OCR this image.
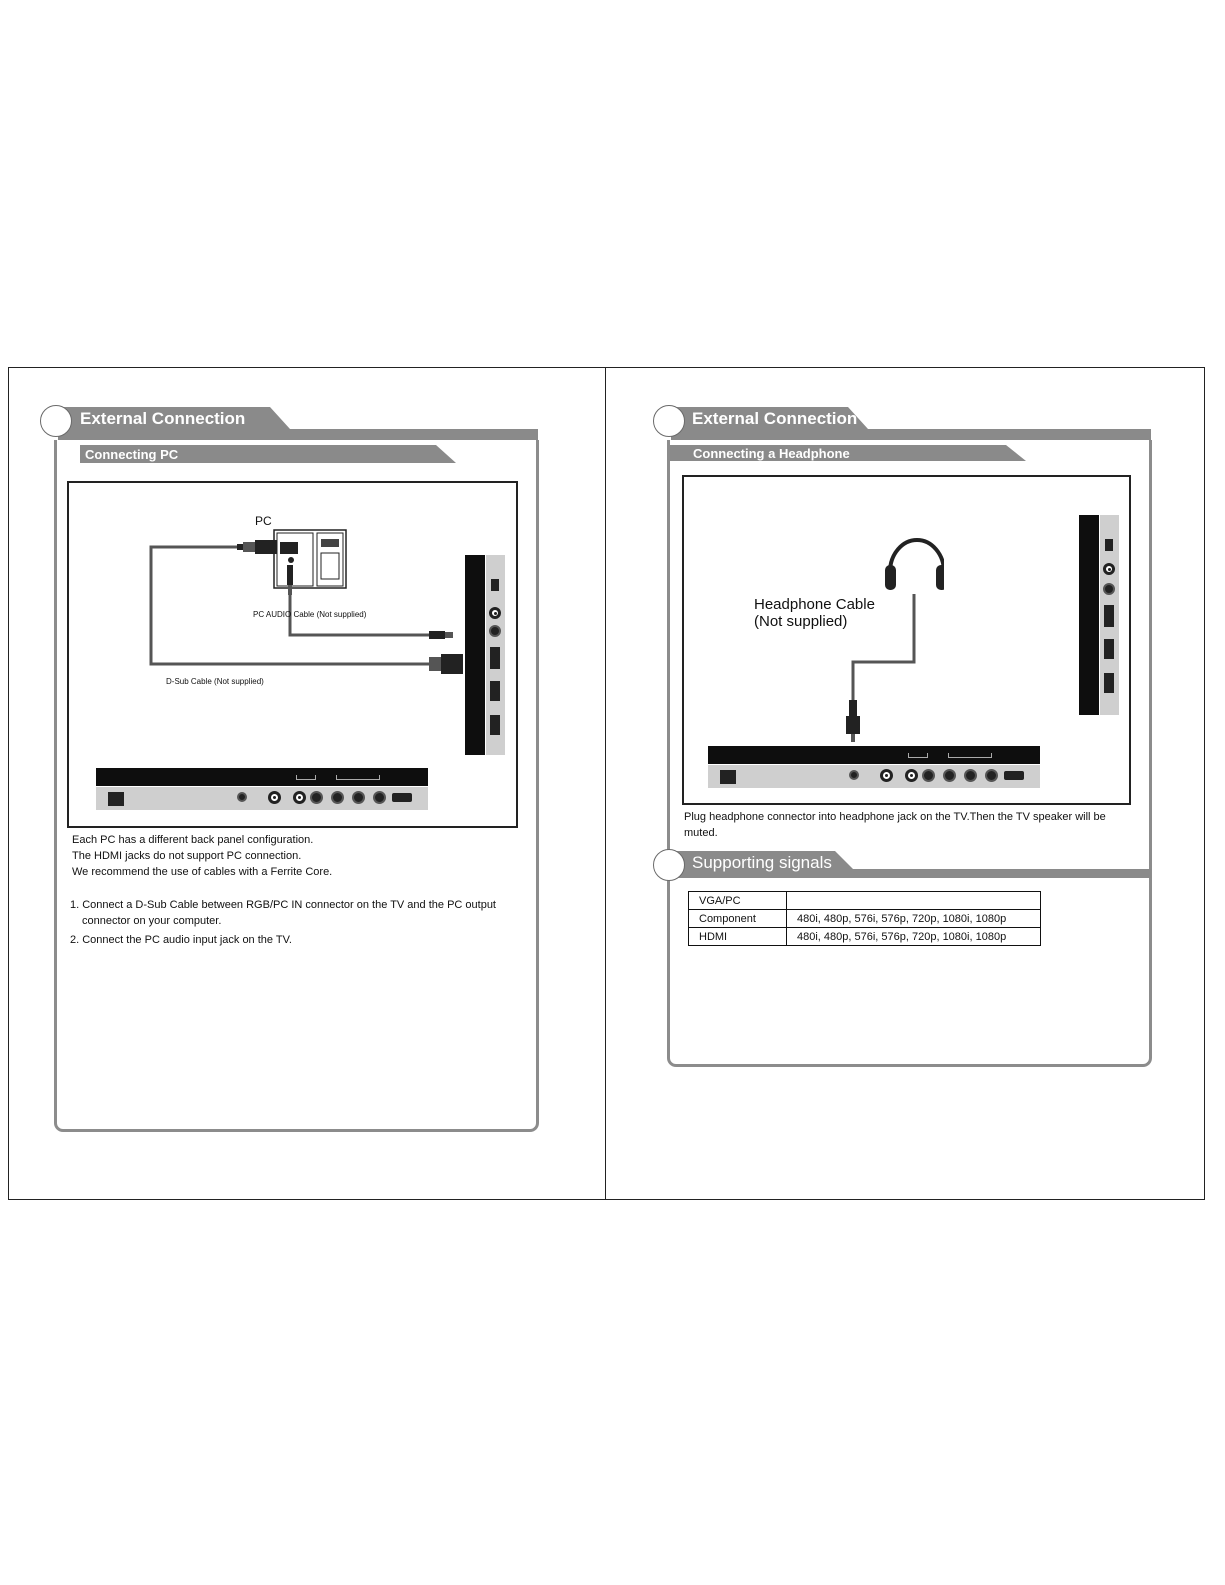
External Connection
Connecting PC
PC
PC AUDIO Cable (Not supplied)
D-Sub Cable (Not supplied)
Each PC has a different back panel configuration.
The HDMI jacks do not support PC connection.
We recommend the use of cables with a Ferrite Core.
1. Connect a D-Sub Cable between RGB/PC IN connector on the TV and the PC output
connector on your computer.
2. Connect the PC audio input jack on the TV.
External Connection
Connecting a Headphone
Headphone Cable
(Not supplied)
Plug headphone connector into headphone jack on the TV.Then the TV speaker will be
muted.
Supporting signals
VGA/PC	
Component	480i, 480p, 576i, 576p, 720p, 1080i, 1080p
HDMI	480i, 480p, 576i, 576p, 720p, 1080i, 1080p
